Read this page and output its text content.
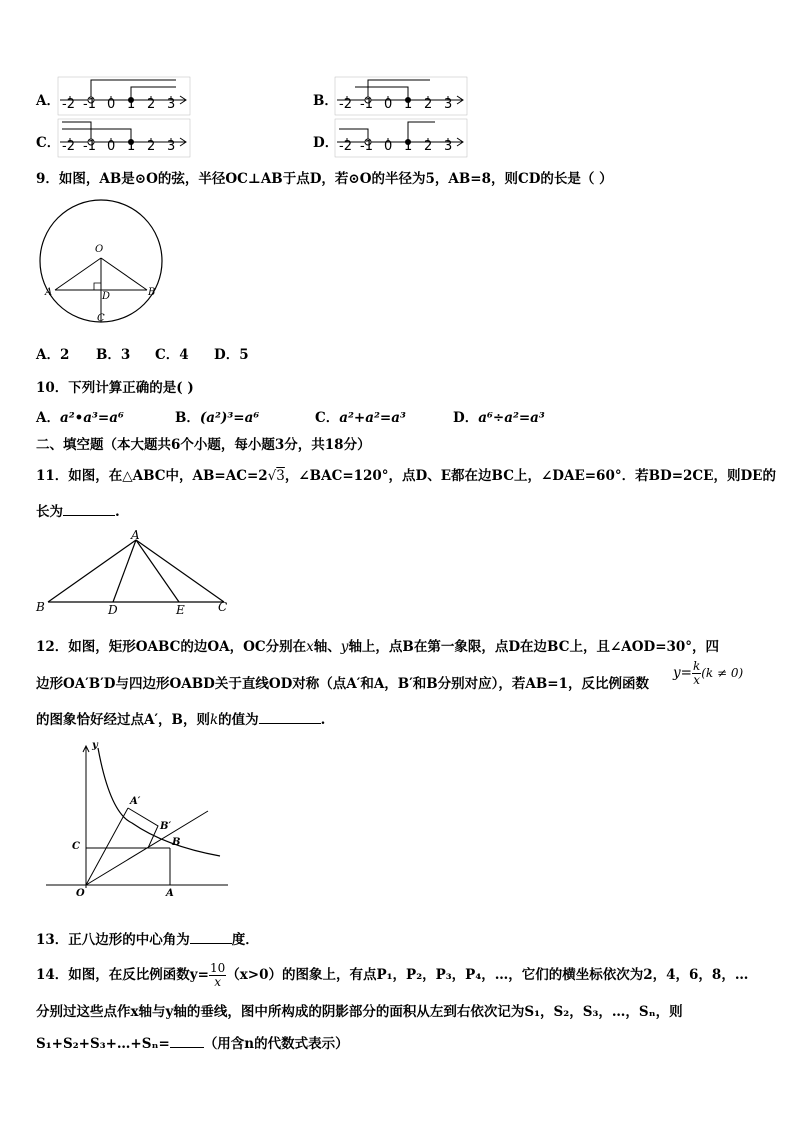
A． -2 -1 0 1 2 3	B． -2 -1 0 1 2 3
C． -2 -1 0 1 2 3	D． -2 -1 0 1 2 3
9．如图，AB是⊙O的弦，半径OC⊥AB于点D，若⊙O的半径为5，AB=8，则CD的长是（ ）
O
A	B
D
C
A．2 B．3 C．4 D．5
10．下列计算正确的是( )
A．a²•a³=a⁶	B．(a²)³=a⁶	C．a²+a²=a³	D．a⁶÷a²=a³
二、填空题（本大题共6个小题，每小题3分，共18分）
11．如图，在△ABC中，AB=AC=2√3，∠BAC=120°，点D、E都在边BC上，∠DAE=60°．若BD=2CE，则DE的
长为	.
A
B	D	E	C
12．如图，矩形OABC的边OA，OC分别在x轴、y轴上，点B在第一象限，点D在边BC上，且∠AOD=30°，四
边形OA′B′D与四边形OABD关于直线OD对称（点A′和A，B′和B分别对应），若AB=1，反比例函数
$y= \frac{k}{x} (k \ne 0)$
的图象恰好经过点A′，B，则k的值为	.
y
A′
B′
B
C
O	A
13．正八边形的中心角为	度．
14．如图，在反比例函数$y= \frac{10}{x} (x>0)$的图象上，有点P₁，P₂，P₃，P₄，…，它们的横坐标依次为2，4，6，8，…
分别过这些点作x轴与y轴的垂线，图中所构成的阴影部分的面积从左到右依次记为S₁，S₂，S₃，…，Sₙ，则
S₁+S₂+S₃+…+Sₙ=	（用含n的代数式表示）
